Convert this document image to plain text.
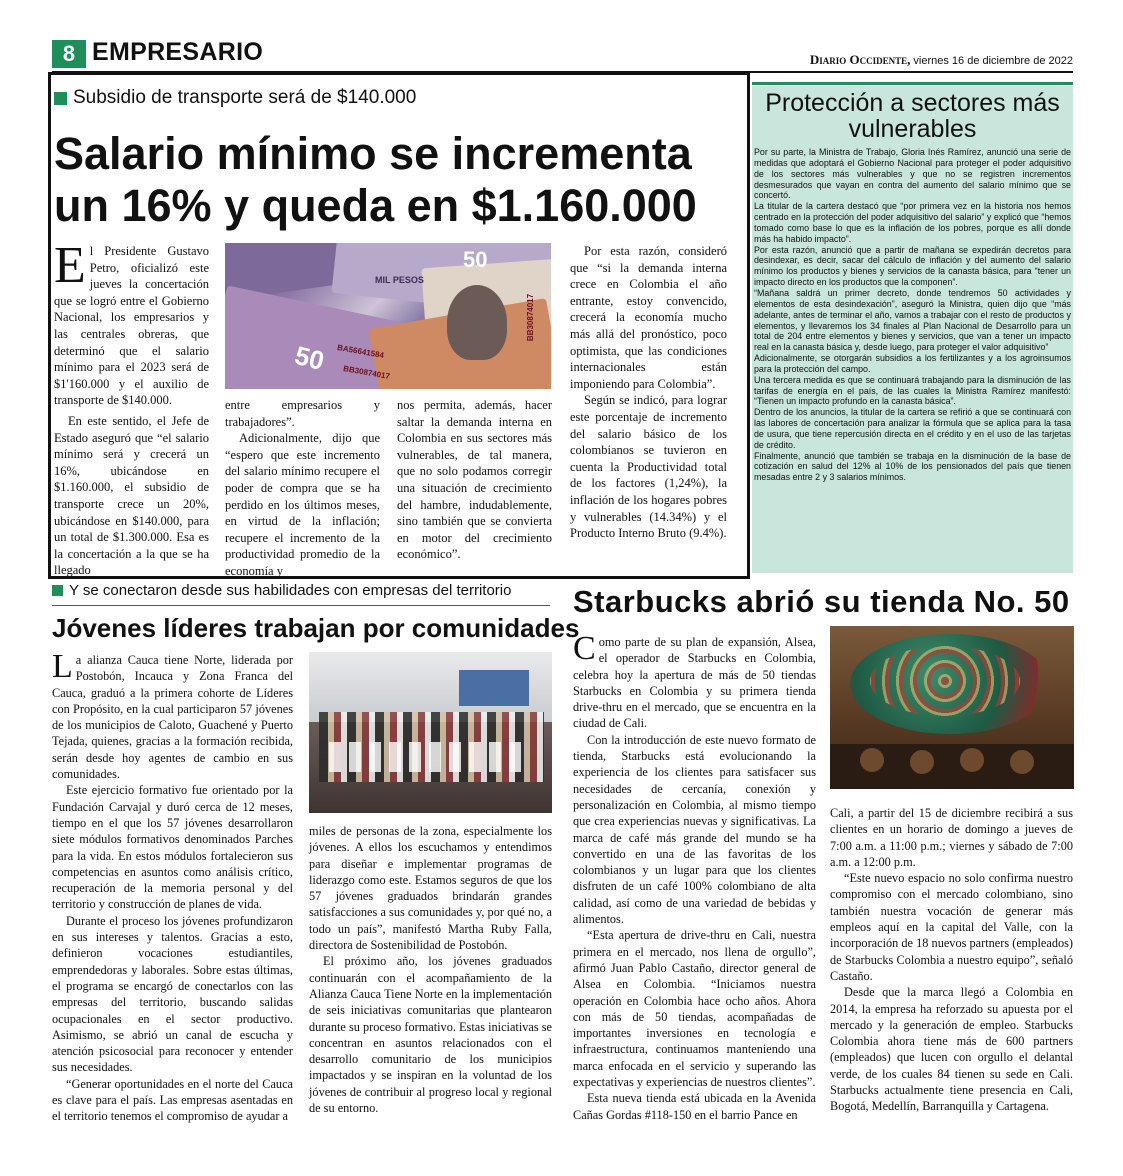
8 EMPRESARIO	Diario Occidente, viernes 16 de diciembre de 2022
Subsidio de transporte será de $140.000
Salario mínimo se incrementa un 16% y queda en $1.160.000

El Presidente Gustavo Petro, oficializó este jueves la concertación que se logró entre el Gobierno Nacional, los empresarios y las centrales obreras, que determinó que el salario mínimo para el 2023 será de $1'160.000 y el auxilio de transporte de $140.000.

En este sentido, el Jefe de Estado aseguró que “el salario mínimo será y crecerá un 16%, ubicándose en $1.160.000, el subsidio de transporte crece un 20%, ubicándose en $140.000, para un total de $1.300.000. Esa es la concertación a la que se ha llegado

50
MIL PESOS
50 BA56641584
BB30874017
BB30874017

entre empresarios y trabajadores”.

Adicionalmente, dijo que “espero que este incremento del salario mínimo recupere el poder de compra que se ha perdido en los últimos meses, en virtud de la inflación; recupere el incremento de la productividad promedio de la economía y

nos permita, además, hacer saltar la demanda interna en Colombia en sus sectores más vulnerables, de tal manera, que no solo podamos corregir una situación de crecimiento del hambre, indudablemente, sino también que se convierta en motor del crecimiento económico”.

Por esta razón, consideró que “si la demanda interna crece en Colombia el año entrante, estoy convencido, crecerá la economía mucho más allá del pronóstico, poco optimista, que las condiciones internacionales están imponiendo para Colombia”.

Según se indicó, para lograr este porcentaje de incremento del salario básico de los colombianos se tuvieron en cuenta la Productividad total de los factores (1,24%), la inflación de los hogares pobres y vulnerables (14.34%) y el Producto Interno Bruto (9.4%).

Protección a sectores más vulnerables

Por su parte, la Ministra de Trabajo, Gloria Inés Ramírez, anunció una serie de medidas que adoptará el Gobierno Nacional para proteger el poder adquisitivo de los sectores más vulnerables y que no se registren incrementos desmesurados que vayan en contra del aumento del salario mínimo que se concertó.

La titular de la cartera destacó que “por primera vez en la historia nos hemos centrado en la protección del poder adquisitivo del salario” y explicó que “hemos tomado como base lo que es la inflación de los pobres, porque es allí donde más ha habido impacto”.

Por esta razón, anunció que a partir de mañana se expedirán decretos para desindexar, es decir, sacar del cálculo de inflación y del aumento del salario mínimo los productos y bienes y servicios de la canasta básica, para “tener un impacto directo en los productos que la componen”.

“Mañana saldrá un primer decreto, donde tendremos 50 actividades y elementos de esta desindexación”, aseguró la Ministra, quien dijo que “más adelante, antes de terminar el año, vamos a trabajar con el resto de productos y elementos, y llevaremos los 34 finales al Plan Nacional de Desarrollo para un total de 204 entre elementos y bienes y servicios, que van a tener un impacto real en la canasta básica y, desde luego, para proteger el valor adquisitivo”

Adicionalmente, se otorgarán subsidios a los fertilizantes y a los agroinsumos para la protección del campo.

Una tercera medida es que se continuará trabajando para la disminución de las tarifas de energía en el país, de las cuales la Ministra Ramírez manifestó: “Tienen un impacto profundo en la canasta básica”.

Dentro de los anuncios, la titular de la cartera se refirió a que se continuará con las labores de concertación para analizar la fórmula que se aplica para la tasa de usura, que tiene repercusión directa en el crédito y en el uso de las tarjetas de crédito.

Finalmente, anunció que también se trabaja en la disminución de la base de cotización en salud del 12% al 10% de los pensionados del país que tienen mesadas entre 2 y 3 salarios mínimos.

Y se conectaron desde sus habilidades con empresas del territorio
Jóvenes líderes trabajan por comunidades

La alianza Cauca tiene Norte, liderada por Postobón, Incauca y Zona Franca del Cauca, graduó a la primera cohorte de Líderes con Propósito, en la cual participaron 57 jóvenes de los municipios de Caloto, Guachené y Puerto Tejada, quienes, gracias a la formación recibida, serán desde hoy agentes de cambio en sus comunidades.

Este ejercicio formativo fue orientado por la Fundación Carvajal y duró cerca de 12 meses, tiempo en el que los 57 jóvenes desarrollaron siete módulos formativos denominados Parches para la vida. En estos módulos fortalecieron sus competencias en asuntos como análisis crítico, recuperación de la memoria personal y del territorio y construcción de planes de vida.

Durante el proceso los jóvenes profundizaron en sus intereses y talentos. Gracias a esto, definieron vocaciones estudiantiles, emprendedoras y laborales. Sobre estas últimas, el programa se encargó de conectarlos con las empresas del territorio, buscando salidas ocupacionales en el sector productivo. Asimismo, se abrió un canal de escucha y atención psicosocial para reconocer y entender sus necesidades.

“Generar oportunidades en el norte del Cauca es clave para el país. Las empresas asentadas en el territorio tenemos el compromiso de ayudar a

miles de personas de la zona, especialmente los jóvenes. A ellos los escuchamos y entendimos para diseñar e implementar programas de liderazgo como este. Estamos seguros de que los 57 jóvenes graduados brindarán grandes satisfacciones a sus comunidades y, por qué no, a todo un país”, manifestó Martha Ruby Falla, directora de Sostenibilidad de Postobón.

El próximo año, los jóvenes graduados continuarán con el acompañamiento de la Alianza Cauca Tiene Norte en la implementación de seis iniciativas comunitarias que plantearon durante su proceso formativo. Estas iniciativas se concentran en asuntos relacionados con el desarrollo comunitario de los municipios impactados y se inspiran en la voluntad de los jóvenes de contribuir al progreso local y regional de su entorno.

Starbucks abrió su tienda No. 50

Como parte de su plan de expansión, Alsea, el operador de Starbucks en Colombia, celebra hoy la apertura de más de 50 tiendas Starbucks en Colombia y su primera tienda drive-thru en el mercado, que se encuentra en la ciudad de Cali.

Con la introducción de este nuevo formato de tienda, Starbucks está evolucionando la experiencia de los clientes para satisfacer sus necesidades de cercanía, conexión y personalización en Colombia, al mismo tiempo que crea experiencias nuevas y significativas. La marca de café más grande del mundo se ha convertido en una de las favoritas de los colombianos y un lugar para que los clientes disfruten de un café 100% colombiano de alta calidad, así como de una variedad de bebidas y alimentos.

“Esta apertura de drive-thru en Cali, nuestra primera en el mercado, nos llena de orgullo”, afirmó Juan Pablo Castaño, director general de Alsea en Colombia. “Iniciamos nuestra operación en Colombia hace ocho años. Ahora con más de 50 tiendas, acompañadas de importantes inversiones en tecnología e infraestructura, continuamos manteniendo una marca enfocada en el servicio y superando las expectativas y experiencias de nuestros clientes”.

Esta nueva tienda está ubicada en la Avenida Cañas Gordas #118-150 en el barrio Pance en

Cali, a partir del 15 de diciembre recibirá a sus clientes en un horario de domingo a jueves de 7:00 a.m. a 11:00 p.m.; viernes y sábado de 7:00 a.m. a 12:00 p.m.

“Este nuevo espacio no solo confirma nuestro compromiso con el mercado colombiano, sino también nuestra vocación de generar más empleos aquí en la capital del Valle, con la incorporación de 18 nuevos partners (empleados) de Starbucks Colombia a nuestro equipo”, señaló Castaño.

Desde que la marca llegó a Colombia en 2014, la empresa ha reforzado su apuesta por el mercado y la generación de empleo. Starbucks Colombia ahora tiene más de 600 partners (empleados) que lucen con orgullo el delantal verde, de los cuales 84 tienen su sede en Cali. Starbucks actualmente tiene presencia en Cali, Bogotá, Medellín, Barranquilla y Cartagena.
